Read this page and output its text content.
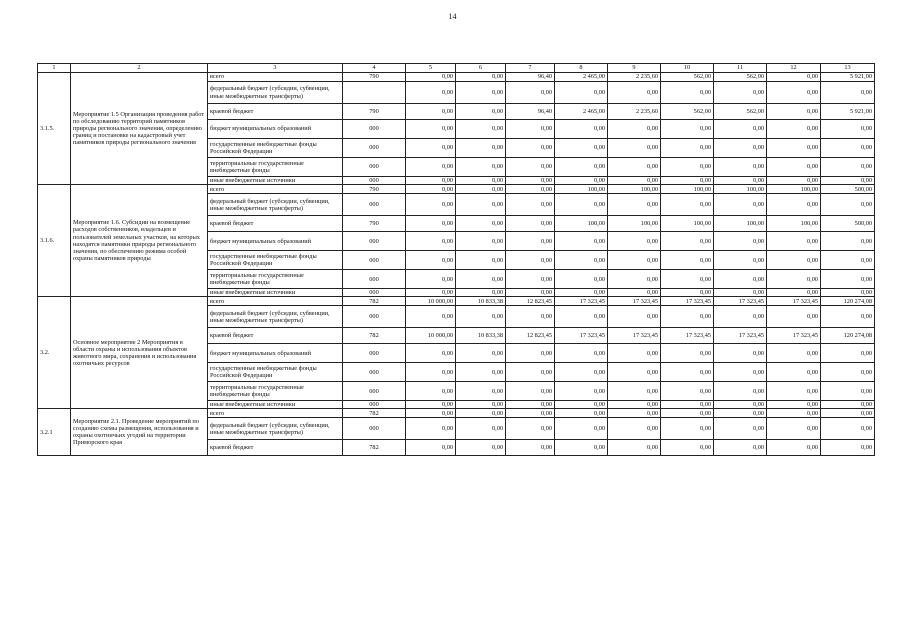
14
1	2	3	4	5	6	7	8	9	10	11	12	13
3.1.5.	Мероприятие 1.5 Организация проведения работ по обследованию территорий памятников природы регионального значения, определению границ и постановке на кадастровый учет памятников природы регионального значения	всего	790	0,00	0,00	96,40	2 465,00	2 235,60	562,00	562,00	0,00	5 921,00
		федеральный бюджет (субсидии, субвенции, иные межбюджетные трансферты)		0,00	0,00	0,00	0,00	0,00	0,00	0,00	0,00	0,00
		краевой бюджет	790	0,00	0,00	96,40	2 465,00	2 235,60	562,00	562,00	0,00	5 921,00
		бюджет муниципальных образований	000	0,00	0,00	0,00	0,00	0,00	0,00	0,00	0,00	0,00
		государственные внебюджетные фонды Российской Федерации	000	0,00	0,00	0,00	0,00	0,00	0,00	0,00	0,00	0,00
		территориальные государственные внебюджетные фонды	000	0,00	0,00	0,00	0,00	0,00	0,00	0,00	0,00	0,00
		иные внебюджетные источники	000	0,00	0,00	0,00	0,00	0,00	0,00	0,00	0,00	0,00
3.1.6.	Мероприятие 1.6. Субсидии на возмещение расходов собственников, владельцев и пользователей земельных участков, на которых находятся памятники природы регионального значения, по обеспечению режима особой охраны памятников природы	всего	790	0,00	0,00	0,00	100,00	100,00	100,00	100,00	100,00	500,00
		федеральный бюджет (субсидии, субвенции, иные межбюджетные трансферты)	000	0,00	0,00	0,00	0,00	0,00	0,00	0,00	0,00	0,00
		краевой бюджет	790	0,00	0,00	0,00	100,00	100,00	100,00	100,00	100,00	500,00
		бюджет муниципальных образований	000	0,00	0,00	0,00	0,00	0,00	0,00	0,00	0,00	0,00
		государственные внебюджетные фонды Российской Федерации	000	0,00	0,00	0,00	0,00	0,00	0,00	0,00	0,00	0,00
		территориальные государственные внебюджетные фонды	000	0,00	0,00	0,00	0,00	0,00	0,00	0,00	0,00	0,00
		иные внебюджетные источники	000	0,00	0,00	0,00	0,00	0,00	0,00	0,00	0,00	0,00
3.2.	Основное мероприятие 2 Мероприятия в области охраны и использования объектов животного мира, сохранения и использования охотничьих ресурсов	всего	782	10 000,00	10 833,38	12 823,45	17 323,45	17 323,45	17 323,45	17 323,45	17 323,45	120 274,08
		федеральный бюджет (субсидии, субвенции, иные межбюджетные трансферты)	000	0,00	0,00	0,00	0,00	0,00	0,00	0,00	0,00	0,00
		краевой бюджет	782	10 000,00	10 833,38	12 823,45	17 323,45	17 323,45	17 323,45	17 323,45	17 323,45	120 274,08
		бюджет муниципальных образований	000	0,00	0,00	0,00	0,00	0,00	0,00	0,00	0,00	0,00
		государственные внебюджетные фонды Российской Федерации	000	0,00	0,00	0,00	0,00	0,00	0,00	0,00	0,00	0,00
		территориальные государственные внебюджетные фонды	000	0,00	0,00	0,00	0,00	0,00	0,00	0,00	0,00	0,00
		иные внебюджетные источники	000	0,00	0,00	0,00	0,00	0,00	0,00	0,00	0,00	0,00
3.2.1	Мероприятие 2.1. Проведение мероприятий по созданию схемы размещения, использования и охраны охотничьих угодий на территории Приморского края	всего	782	0,00	0,00	0,00	0,00	0,00	0,00	0,00	0,00	0,00
		федеральный бюджет (субсидии, субвенции, иные межбюджетные трансферты)	000	0,00	0,00	0,00	0,00	0,00	0,00	0,00	0,00	0,00
		краевой бюджет	782	0,00	0,00	0,00	0,00	0,00	0,00	0,00	0,00	0,00
